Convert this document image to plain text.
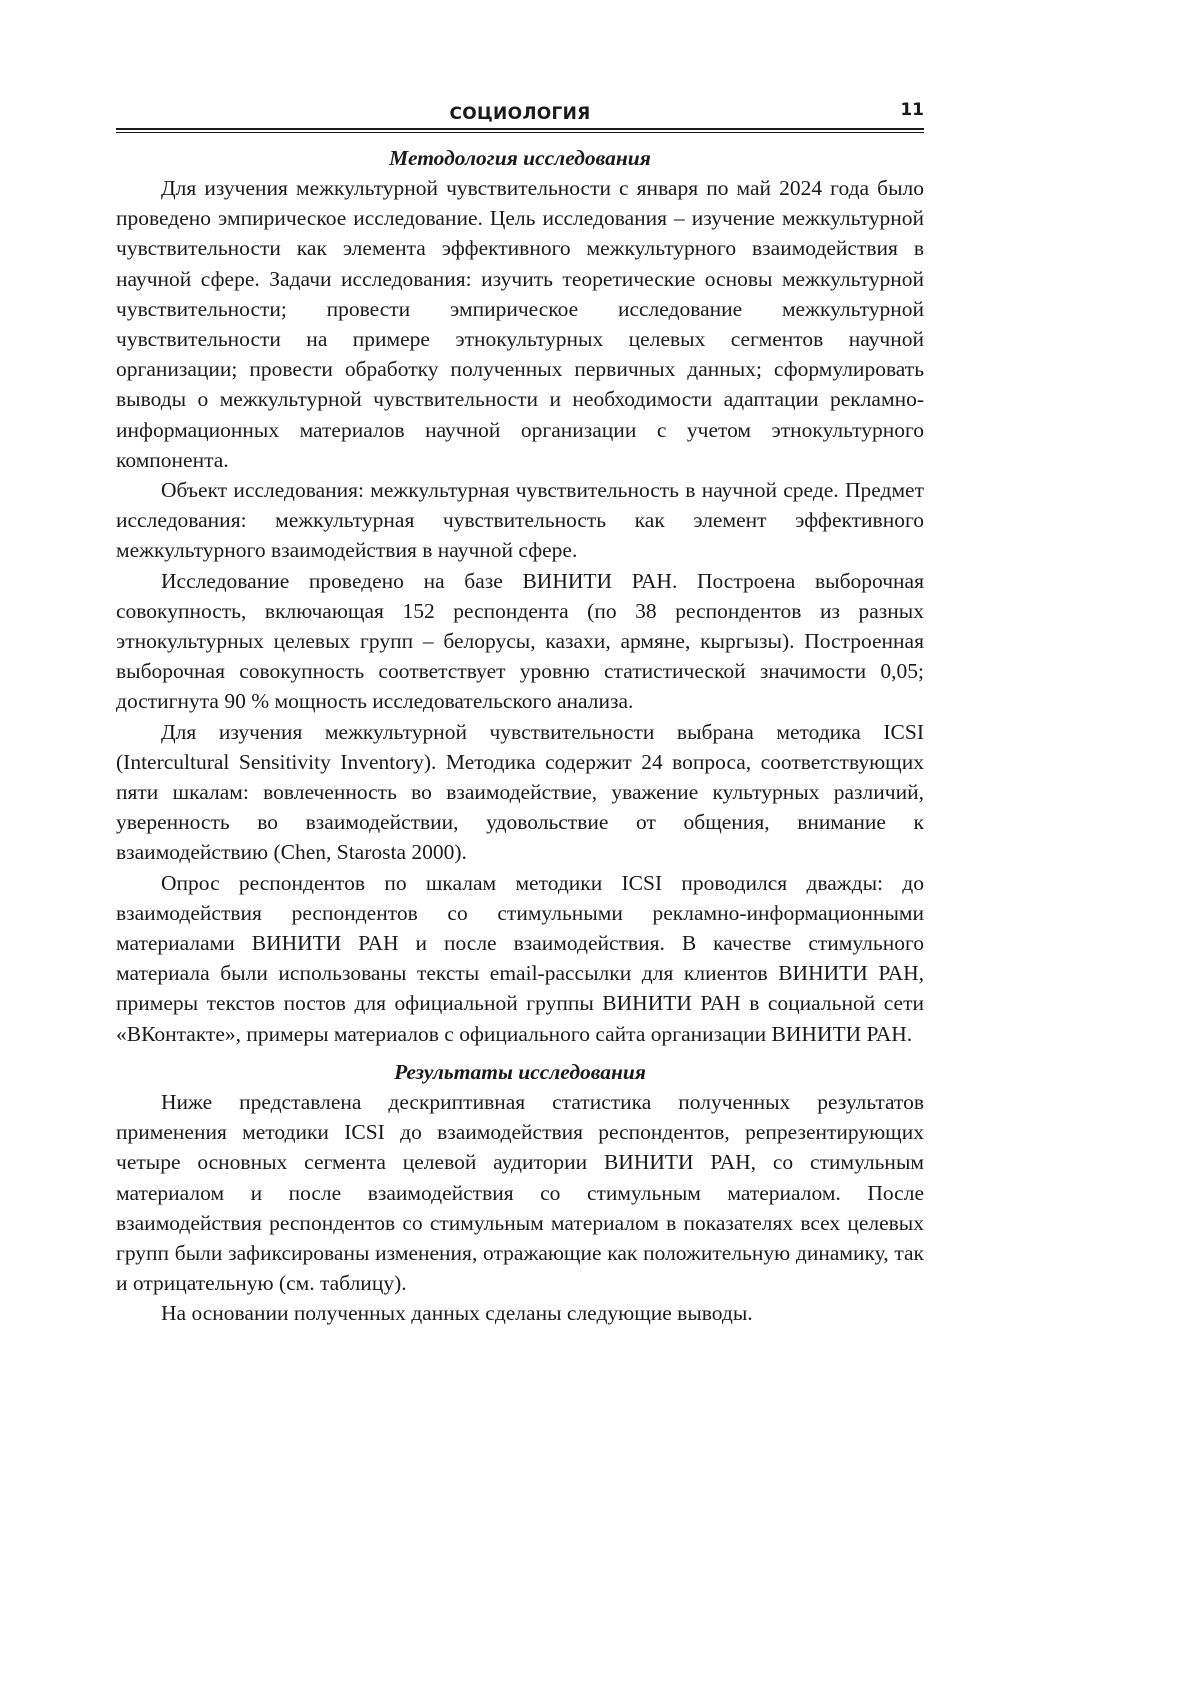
СОЦИОЛОГИЯ	11
Методология исследования

Для изучения межкультурной чувствительности с января по май 2024 года было проведено эмпирическое исследование. Цель исследования – изучение межкультурной чувствительности как элемента эффективного межкультурного взаимодействия в научной сфере. Задачи исследования: изучить теоретические основы межкультурной чувствительности; провести эмпирическое исследование межкультурной чувствительности на примере этнокультурных целевых сегментов научной организации; провести обработку полученных первичных данных; сформулировать выводы о межкультурной чувствительности и необходимости адаптации рекламно-информационных материалов научной организации с учетом этнокультурного компонента.

Объект исследования: межкультурная чувствительность в научной среде. Предмет исследования: межкультурная чувствительность как элемент эффективного межкультурного взаимодействия в научной сфере.

Исследование проведено на базе ВИНИТИ РАН. Построена выборочная совокупность, включающая 152 респондента (по 38 респондентов из разных этнокультурных целевых групп – белорусы, казахи, армяне, кыргызы). Построенная выборочная совокупность соответствует уровню статистической значимости 0,05; достигнута 90 % мощность исследовательского анализа.

Для изучения межкультурной чувствительности выбрана методика ICSI (Intercultural Sensitivity Inventory). Методика содержит 24 вопроса, соответствующих пяти шкалам: вовлеченность во взаимодействие, уважение культурных различий, уверенность во взаимодействии, удовольствие от общения, внимание к взаимодействию (Chen, Starosta 2000).

Опрос респондентов по шкалам методики ICSI проводился дважды: до взаимодействия респондентов со стимульными рекламно-информационными материалами ВИНИТИ РАН и после взаимодействия. В качестве стимульного материала были использованы тексты email-рассылки для клиентов ВИНИТИ РАН, примеры текстов постов для официальной группы ВИНИТИ РАН в социальной сети «ВКонтакте», примеры материалов с официального сайта организации ВИНИТИ РАН.

Результаты исследования

Ниже представлена дескриптивная статистика полученных результатов применения методики ICSI до взаимодействия респондентов, репрезентирующих четыре основных сегмента целевой аудитории ВИНИТИ РАН, со стимульным материалом и после взаимодействия со стимульным материалом. После взаимодействия респондентов со стимульным материалом в показателях всех целевых групп были зафиксированы изменения, отражающие как положительную динамику, так и отрицательную (см. таблицу).

На основании полученных данных сделаны следующие выводы.
